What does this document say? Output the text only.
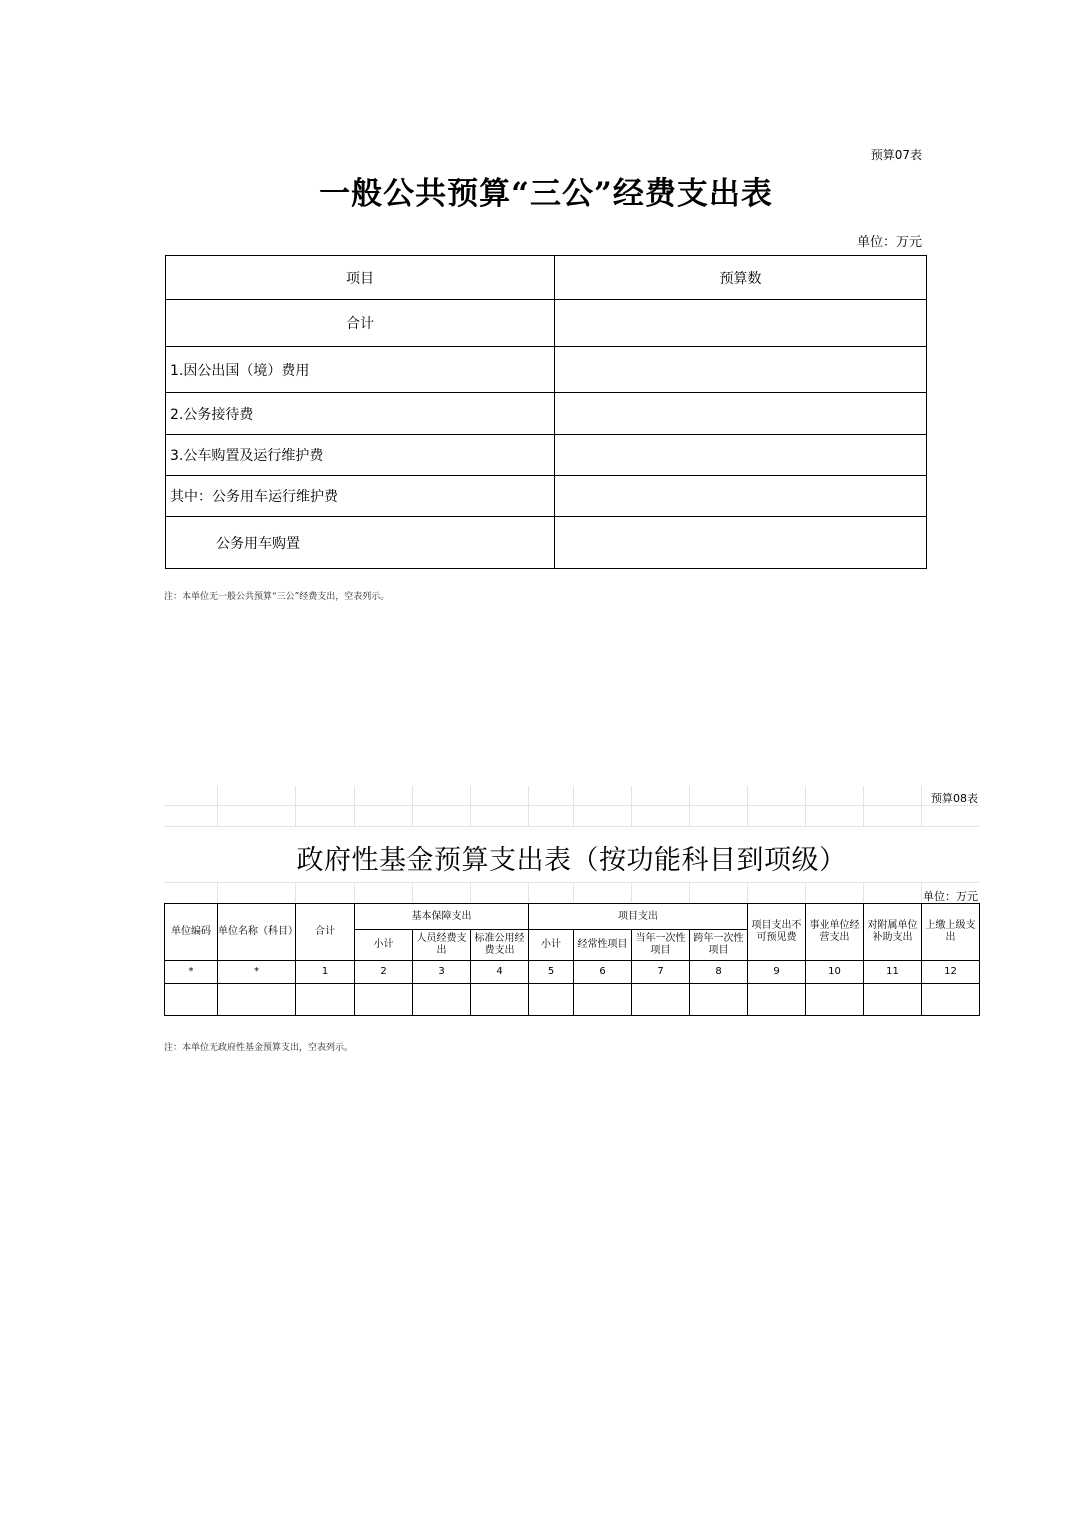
预算07表
一般公共预算“三公”经费支出表
单位：万元
项目	预算数
合计	
1.因公出国（境）费用	
2.公务接待费	
3.公车购置及运行维护费	
其中：公务用车运行维护费	
公务用车购置	
注：本单位无一般公共预算“三公”经费支出，空表列示。
预算08表
政府性基金预算支出表（按功能科目到项级）
单位：万元
单位编码	单位名称（科目）	合计	基本保障支出			项目支出				项目支出不可预见费	事业单位经营支出	对附属单位补助支出	上缴上级支出
			小计	人员经费支出	标准公用经费支出	小计	经常性项目	当年一次性项目	跨年一次性项目				
*	*	1	2	3	4	5	6	7	8	9	10	11	12

注：本单位无政府性基金预算支出，空表列示。
